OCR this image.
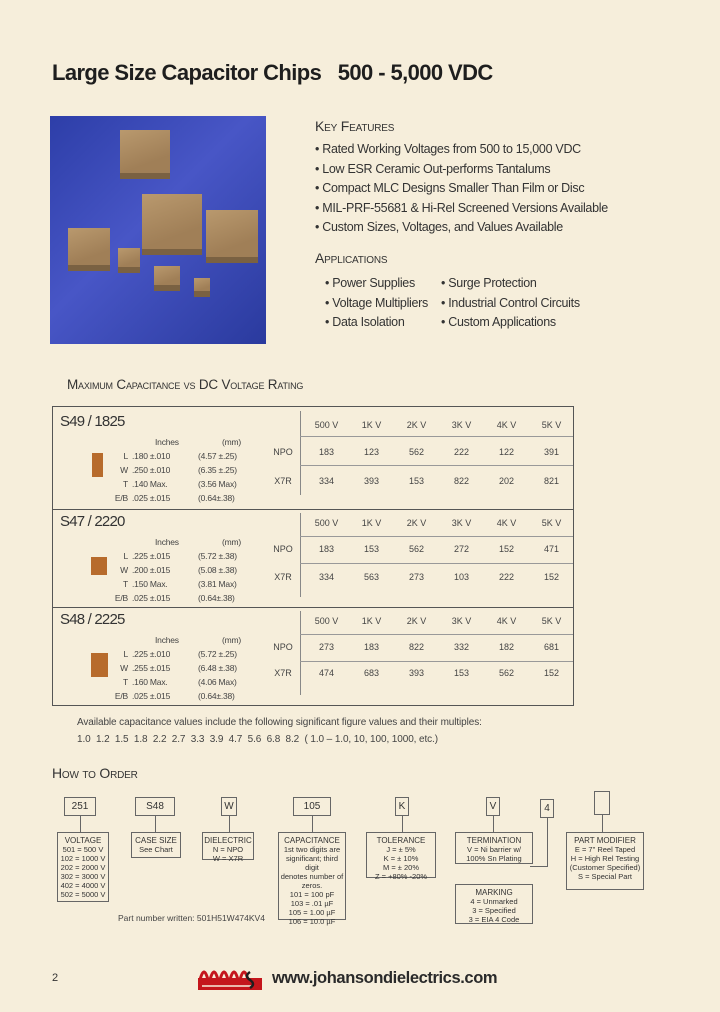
Large Size Capacitor Chips   500 - 5,000 VDC
Key Features
• Rated Working Voltages from 500 to 15,000 VDC
• Low ESR Ceramic Out-performs Tantalums
• Compact MLC Designs Smaller Than Film or Disc
• MIL-PRF-55681 & Hi-Rel Screened Versions Available
• Custom Sizes, Voltages, and Values Available
Applications
• Power Supplies	• Surge Protection
• Voltage Multipliers	• Industrial Control Circuits
• Data Isolation	• Custom Applications
Maximum Capacitance vs DC Voltage Rating
S49 / 1825
Inches	(mm)
L .180 ±.010	(4.57 ±.25)
W .250 ±.010	(6.35 ±.25)
T .140 Max.	(3.56 Max)
E/B .025 ±.015	(0.64±.38)
500 V	1K V	2K V	3K V	4K V	5K V
NPO	183	123	562	222	122	391
X7R	334	393	153	822	202	821
S47 / 2220
Inches	(mm)
L .225 ±.015	(5.72 ±.38)
W .200 ±.015	(5.08 ±.38)
T .150 Max.	(3.81 Max)
E/B .025 ±.015	(0.64±.38)
500 V	1K V	2K V	3K V	4K V	5K V
NPO	183	153	562	272	152	471
X7R	334	563	273	103	222	152
S48 / 2225
Inches	(mm)
L .225 ±.010	(5.72 ±.25)
W .255 ±.015	(6.48 ±.38)
T .160 Max.	(4.06 Max)
E/B .025 ±.015	(0.64±.38)
500 V	1K V	2K V	3K V	4K V	5K V
NPO	273	183	822	332	182	681
X7R	474	683	393	153	562	152
Available capacitance values include the following significant figure values and their multiples:
1.0  1.2  1.5  1.8  2.2  2.7  3.3  3.9  4.7  5.6  6.8  8.2  ( 1.0 – 1.0, 10, 100, 1000, etc.)
How to Order
251	S48	W	105	K	V	4
VOLTAGE
501 = 500 V
102 = 1000 V
202 = 2000 V
302 = 3000 V
402 = 4000 V
502 = 5000 V
CASE SIZE
See Chart
DIELECTRIC
N = NPO
W = X7R
CAPACITANCE
1st two digits are
significant; third digit
denotes number of
zeros.
101 = 100 pF
103 = .01 µF
105 = 1.00 µF
106 = 10.0 µF
TOLERANCE
J = ± 5%
K = ± 10%
M = ± 20%
Z = +80% -20%
TERMINATION
V = Ni barrier w/
100% Sn Plating
MARKING
4 = Unmarked
3 = Specified
3 = EIA 4 Code
PART MODIFIER
E = 7" Reel Taped
H = High Rel Testing
(Customer Specified)
S = Special Part
Part number written: 501H51W474KV4
2	www.johansondielectrics.com
